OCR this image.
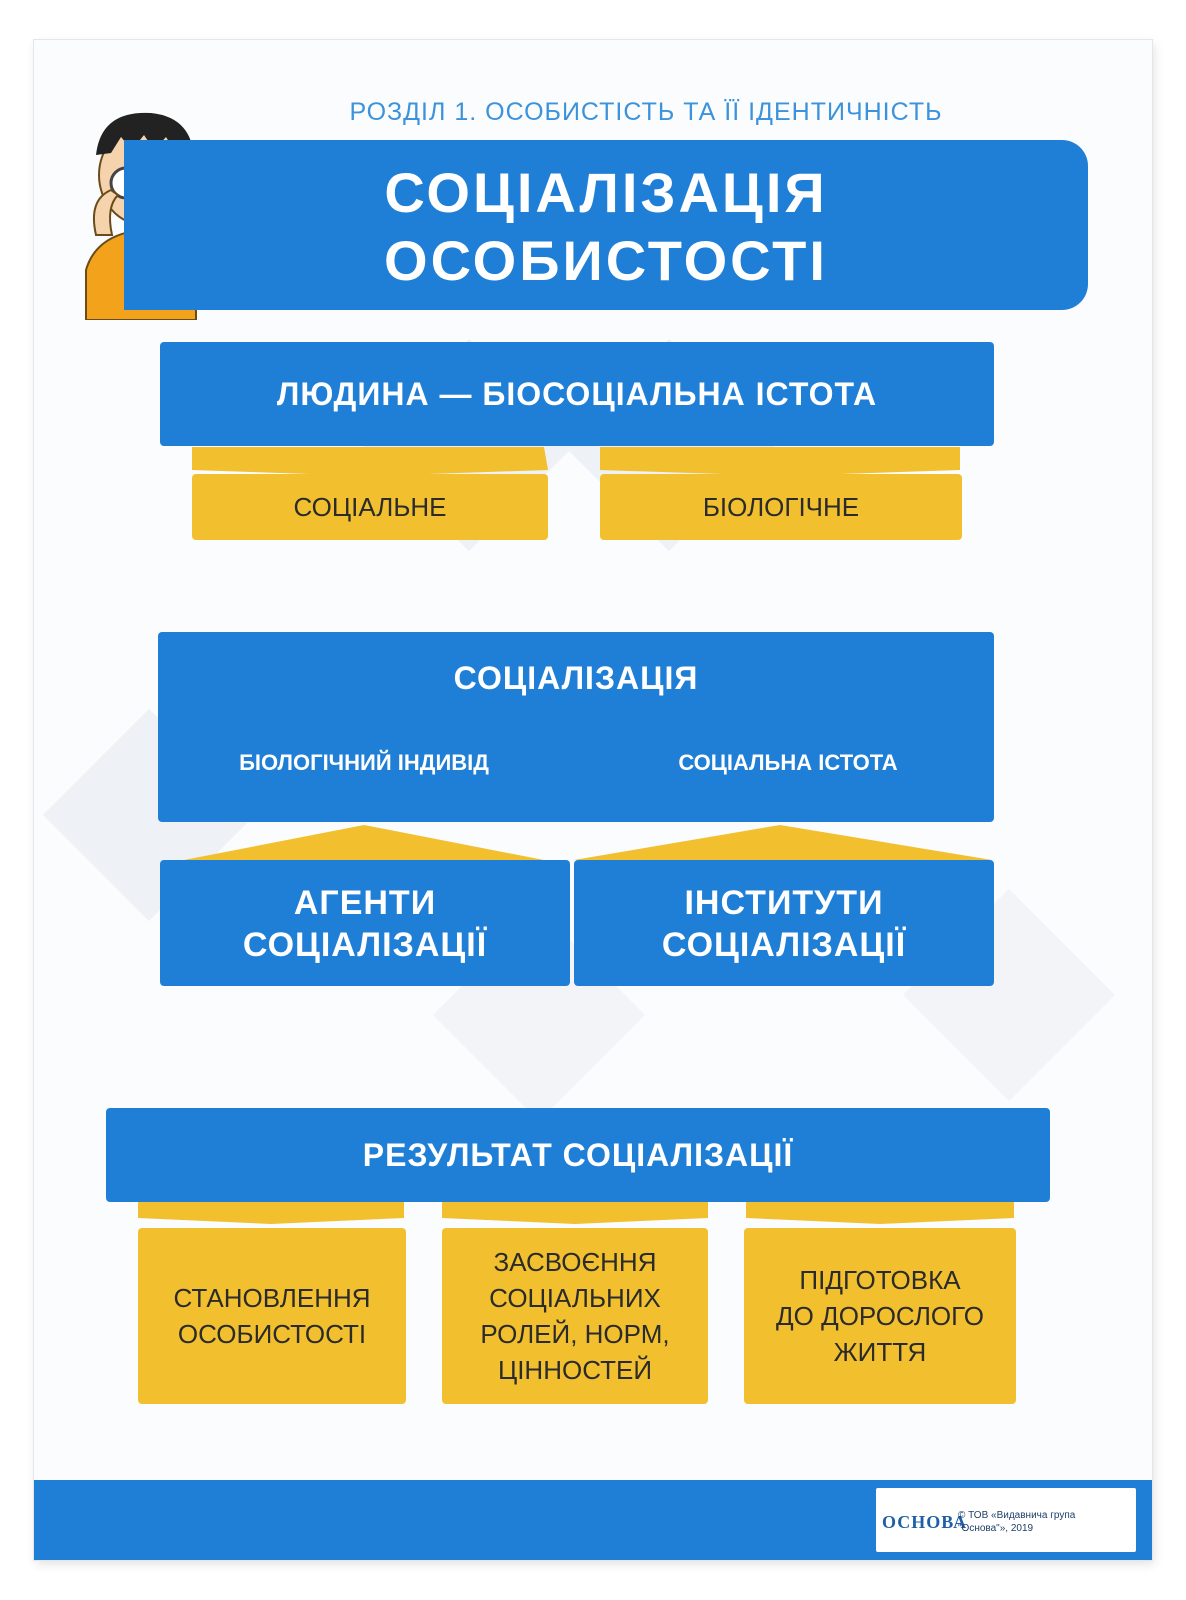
РОЗДІЛ 1. ОСОБИСТІСТЬ ТА ЇЇ ІДЕНТИЧНІСТЬ
СОЦІАЛІЗАЦІЯ
ОСОБИСТОСТІ
ЛЮДИНА — БІОСОЦІАЛЬНА ІСТОТА
СОЦІАЛЬНЕ	БІОЛОГІЧНЕ
СОЦІАЛІЗАЦІЯ
БІОЛОГІЧНИЙ ІНДИВІД	СОЦІАЛЬНА ІСТОТА
АГЕНТИ
СОЦІАЛІЗАЦІЇ
ІНСТИТУТИ
СОЦІАЛІЗАЦІЇ
РЕЗУЛЬТАТ СОЦІАЛІЗАЦІЇ
СТАНОВЛЕННЯ
ОСОБИСТОСТІ
ЗАСВОЄННЯ
СОЦІАЛЬНИХ
РОЛЕЙ, НОРМ,
ЦІННОСТЕЙ
ПІДГОТОВКА
ДО ДОРОСЛОГО
ЖИТТЯ
ОСНОВА
© ТОВ «Видавнича група
"Основа"», 2019
